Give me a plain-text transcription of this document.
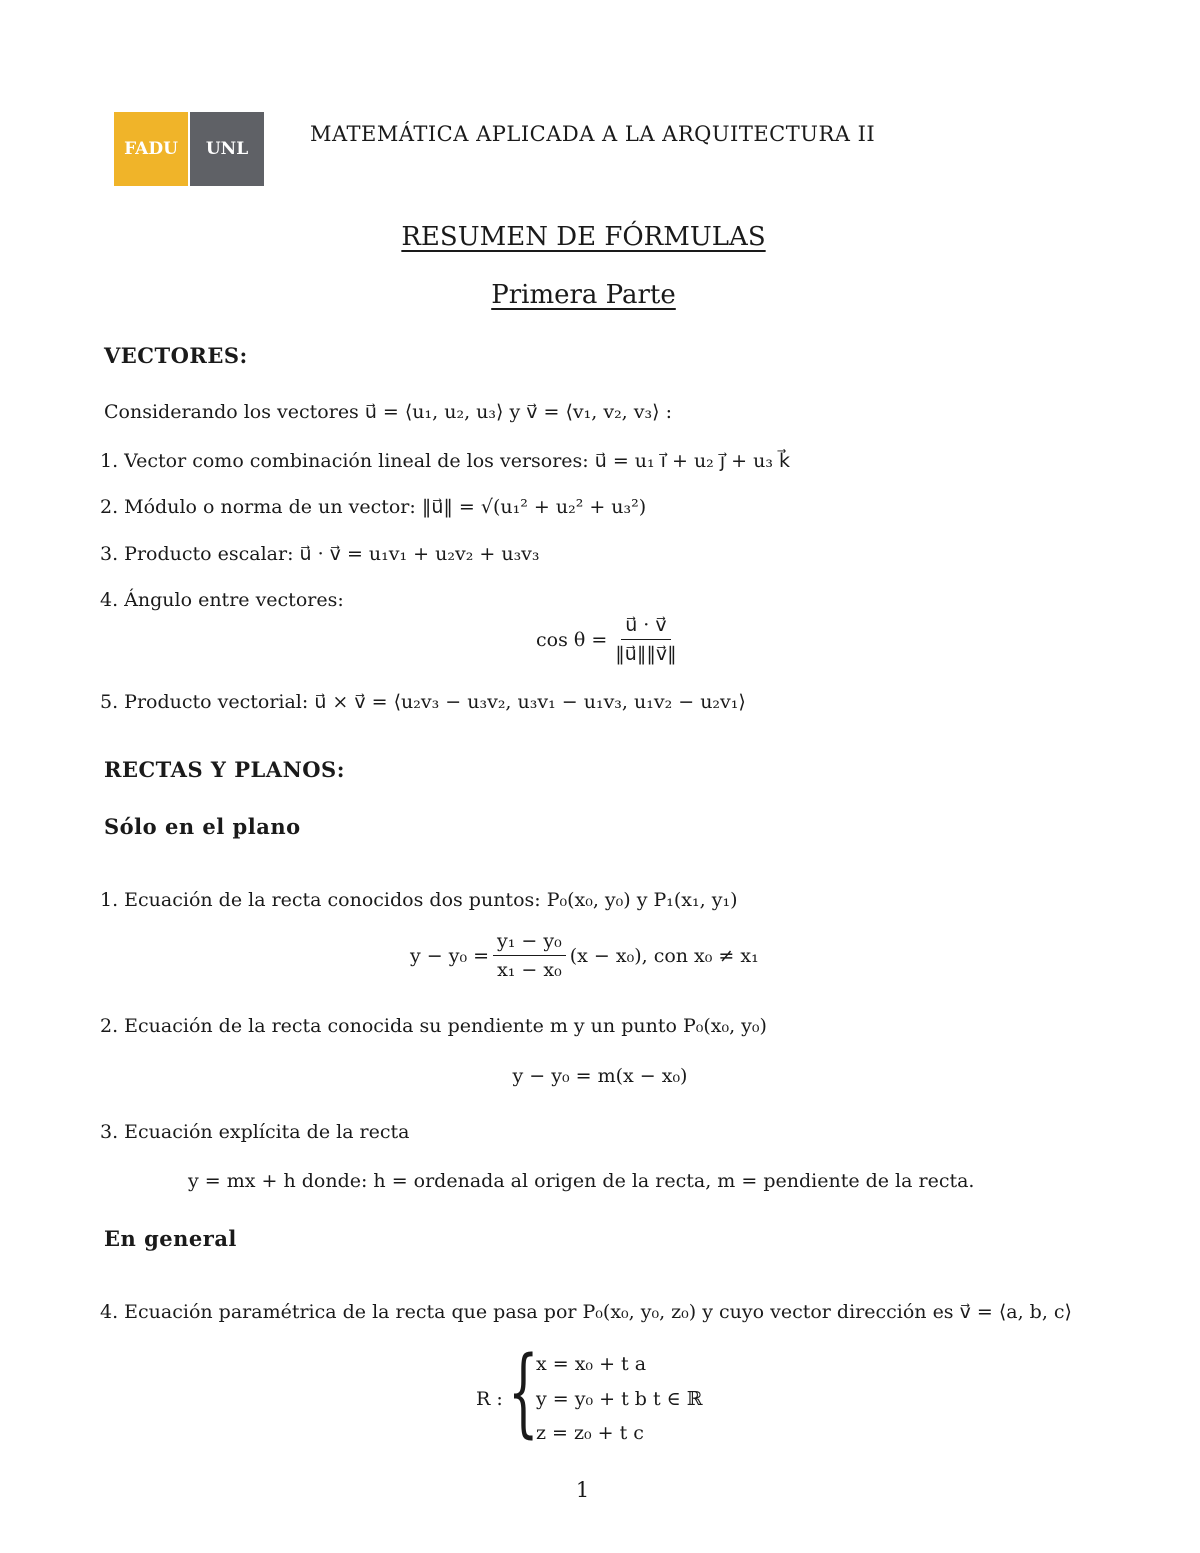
FADU	UNL
MATEMÁTICA APLICADA A LA ARQUITECTURA II
RESUMEN DE FÓRMULAS
Primera Parte
VECTORES:
Considerando los vectores u⃗ = ⟨u₁, u₂, u₃⟩ y v⃗ = ⟨v₁, v₂, v₃⟩ :
1. Vector como combinación lineal de los versores: u⃗ = u₁ i⃗ + u₂ j⃗ + u₃ k⃗
2. Módulo o norma de un vector: ‖u⃗‖ = √(u₁² + u₂² + u₃²)
3. Producto escalar: u⃗ · v⃗ = u₁v₁ + u₂v₂ + u₃v₃
4. Ángulo entre vectores:
$\cos \theta = \frac{u⃗ \cdot v⃗}{‖u⃗‖‖v⃗‖}$
5. Producto vectorial: u⃗ × v⃗ = ⟨u₂v₃ − u₃v₂, u₃v₁ − u₁v₃, u₁v₂ − u₂v₁⟩
RECTAS Y PLANOS:
Sólo en el plano
1. Ecuación de la recta conocidos dos puntos: P₀(x₀, y₀) y P₁(x₁, y₁)
$y - y_0 = \frac{\text{y₁ − y₀}}{\text{x₁ − x₀}} (x - x_0)$, con x₀ ≠ x₁
2. Ecuación de la recta conocida su pendiente m y un punto P₀(x₀, y₀)
y − y₀ = m(x − x₀)
3. Ecuación explícita de la recta
y = mx + h donde: h = ordenada al origen de la recta, m = pendiente de la recta.
En general
4. Ecuación paramétrica de la recta que pasa por P₀(x₀, y₀, z₀) y cuyo vector dirección es v⃗ = ⟨a, b, c⟩
R : {
x = x₀ + t a
y = y₀ + t b t ∈ ℝ
z = z₀ + t c
1
